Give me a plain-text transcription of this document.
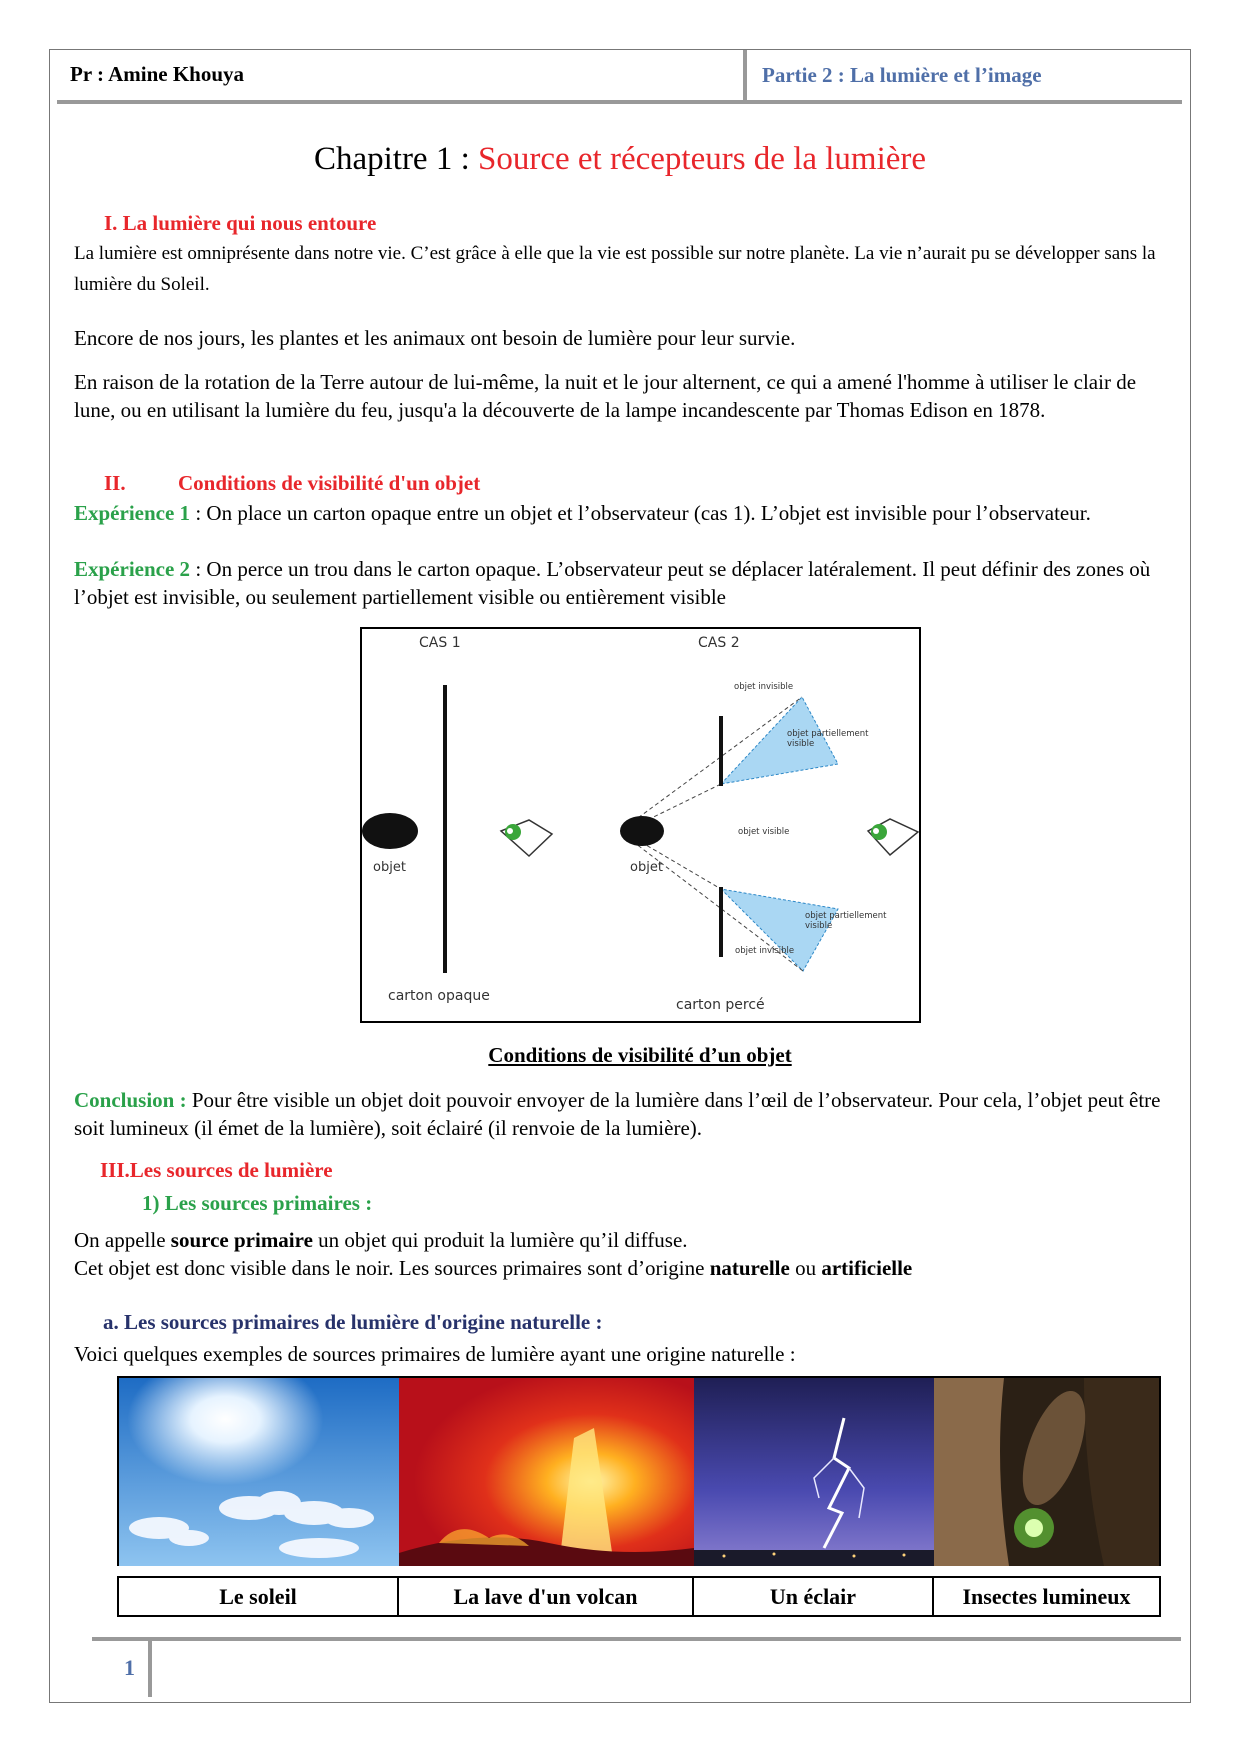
Pr : Amine Khouya	Partie 2 : La lumière et l’image
Chapitre 1 : Source et récepteurs de la lumière
I. La lumière qui nous entoure
La lumière est omniprésente dans notre vie. C’est grâce à elle que la vie est possible sur notre planète. La vie n’aurait pu se développer sans la lumière du Soleil.
Encore de nos jours, les plantes et les animaux ont besoin de lumière pour leur survie.
En raison de la rotation de la Terre autour de lui-même, la nuit et le jour alternent, ce qui a amené l'homme à utiliser le clair de lune, ou en utilisant la lumière du feu, jusqu'a la découverte de la lampe incandescente par Thomas Edison en 1878.
II. Conditions de visibilité d'un objet
Expérience 1 : On place un carton opaque entre un objet et l’observateur (cas 1). L’objet est invisible pour l’observateur.
Expérience 2 : On perce un trou dans le carton opaque. L’observateur peut se déplacer latéralement. Il peut définir des zones où l’objet est invisible, ou seulement partiellement visible ou entièrement visible
CAS 1	CAS 2
objet
carton opaque
objet
objet invisible
objet partiellement
visible
objet visible
objet partiellement
visible
objet invisible
carton percé
Conditions de visibilité d’un objet
Conclusion : Pour être visible un objet doit pouvoir envoyer de la lumière dans l’œil de l’observateur. Pour cela, l’objet peut être soit lumineux (il émet de la lumière), soit éclairé (il renvoie de la lumière).
III.Les sources de lumière
1) Les sources primaires :
On appelle source primaire un objet qui produit la lumière qu’il diffuse.
Cet objet est donc visible dans le noir. Les sources primaires sont d’origine naturelle ou artificielle
a. Les sources primaires de lumière d'origine naturelle :
Voici quelques exemples de sources primaires de lumière ayant une origine naturelle :
Le soleil	La lave d'un volcan	Un éclair	Insectes lumineux
1
